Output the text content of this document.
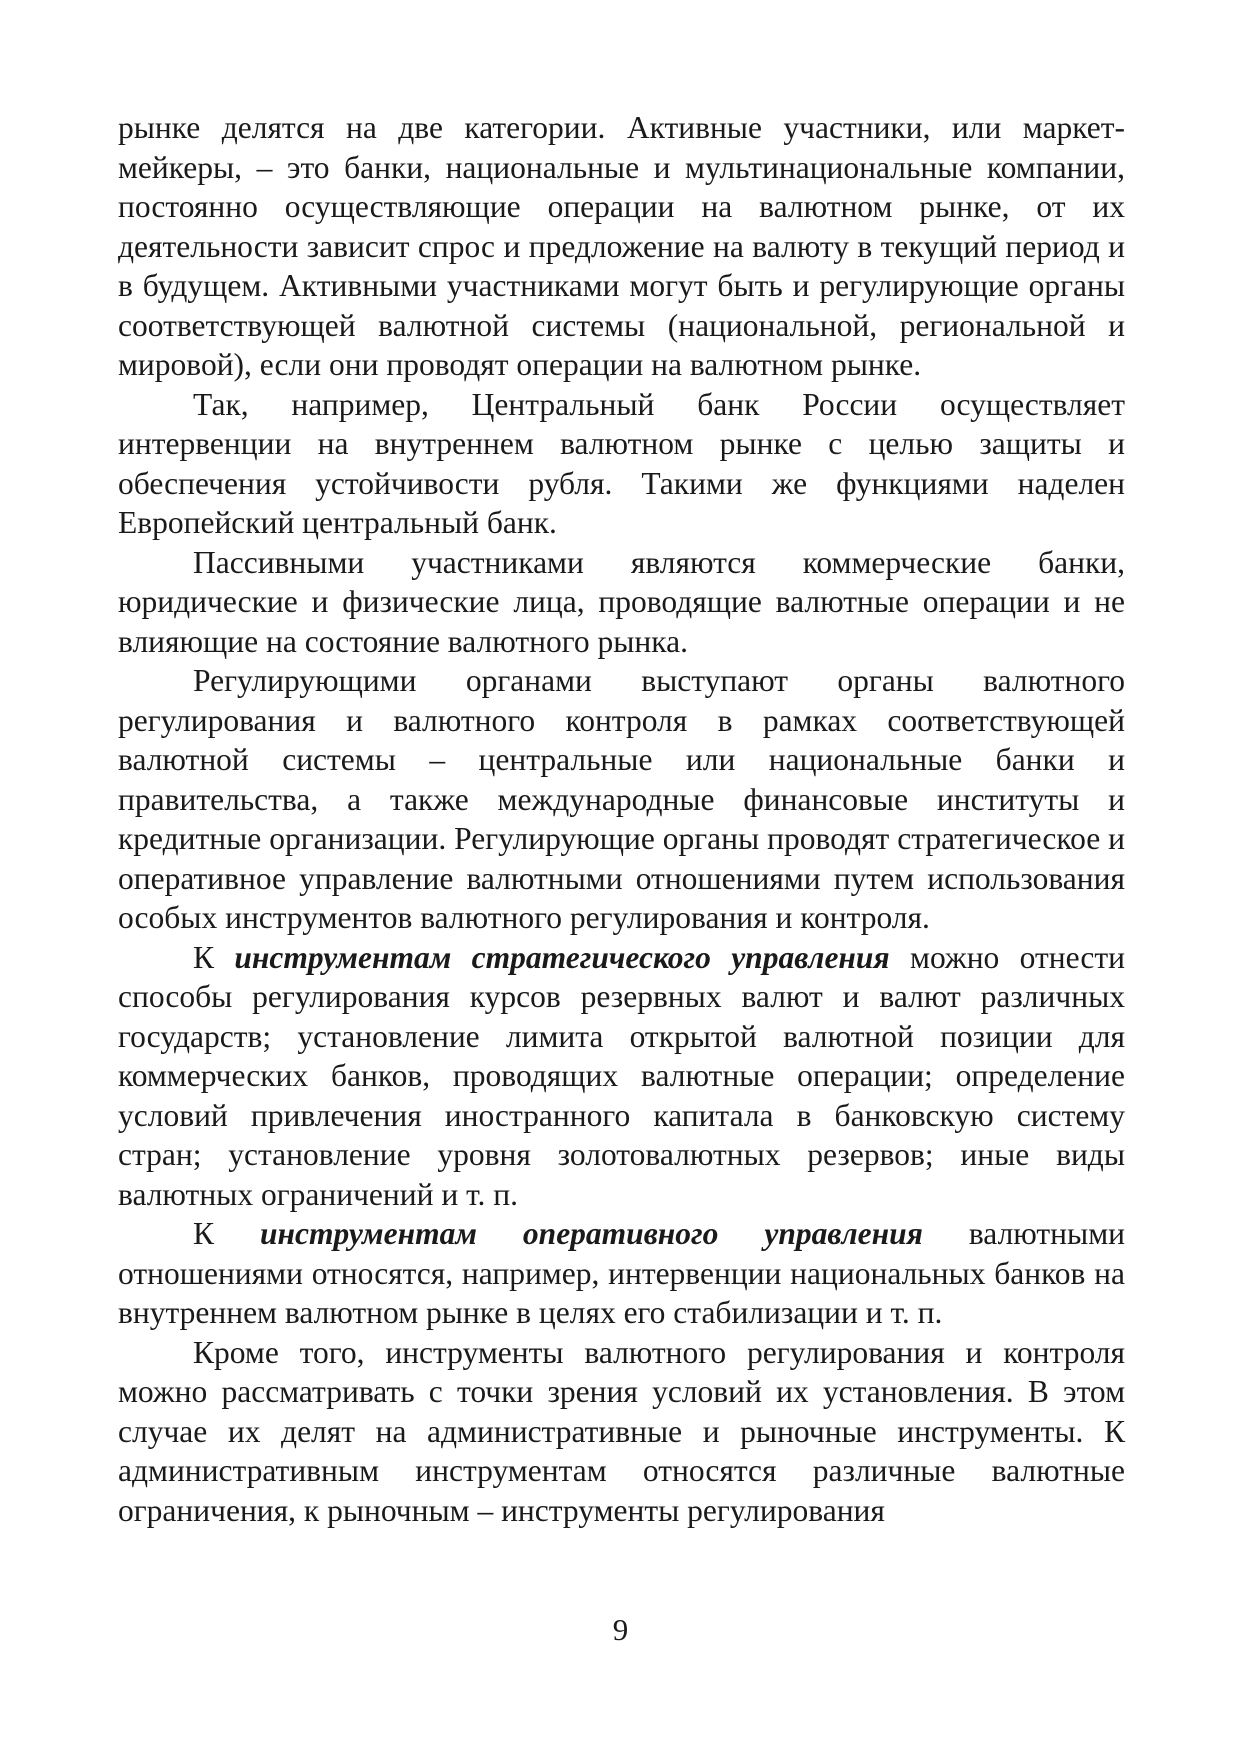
рынке делятся на две категории. Активные участники, или маркет-мейкеры, – это банки, национальные и мультинациональные компании, постоянно осуществляющие операции на валютном рынке, от их деятельности зависит спрос и предложение на валюту в текущий период и в будущем. Активными участниками могут быть и регулирующие органы соответствующей валютной системы (национальной, региональной и мировой), если они проводят операции на валютном рынке.

Так, например, Центральный банк России осуществляет интервенции на внутреннем валютном рынке с целью защиты и обеспечения устойчивости рубля. Такими же функциями наделен Европейский центральный банк.

Пассивными участниками являются коммерческие банки, юридические и физические лица, проводящие валютные операции и не влияющие на состояние валютного рынка.

Регулирующими органами выступают органы валютного регулирования и валютного контроля в рамках соответствующей валютной системы – центральные или национальные банки и правительства, а также международные финансовые институты и кредитные организации. Регулирующие органы проводят стратегическое и оперативное управление валютными отношениями путем использования особых инструментов валютного регулирования и контроля.

К инструментам стратегического управления можно отнести способы регулирования курсов резервных валют и валют различных государств; установление лимита открытой валютной позиции для коммерческих банков, проводящих валютные операции; определение условий привлечения иностранного капитала в банковскую систему стран; установление уровня золотовалютных резервов; иные виды валютных ограничений и т. п.

К инструментам оперативного управления валютными отношениями относятся, например, интервенции национальных банков на внутреннем валютном рынке в целях его стабилизации и т. п.

Кроме того, инструменты валютного регулирования и контроля можно рассматривать с точки зрения условий их установления. В этом случае их делят на административные и рыночные инструменты. К административным инструментам относятся различные валютные ограничения, к рыночным – инструменты регулирования

9
